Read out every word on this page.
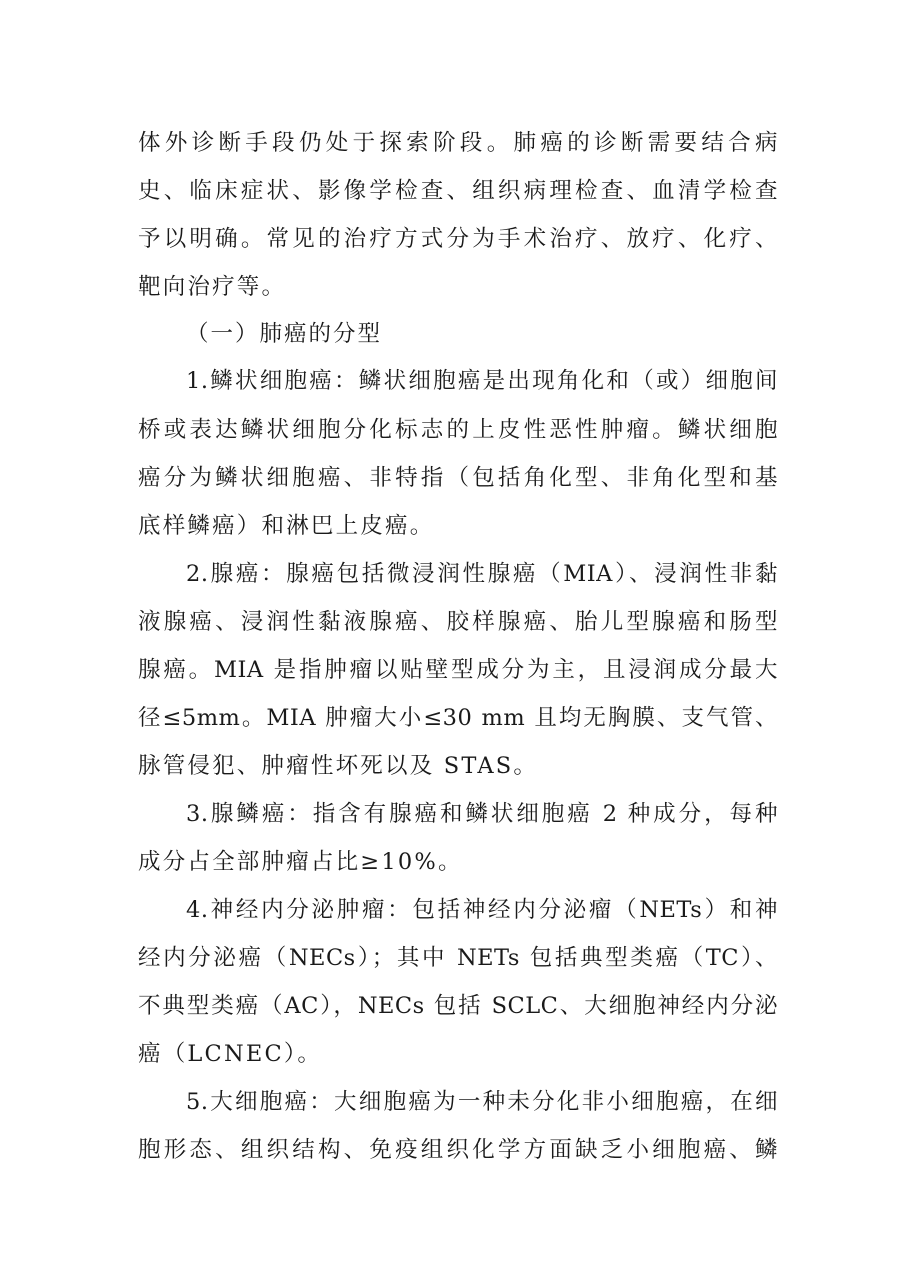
体外诊断手段仍处于探索阶段。肺癌的诊断需要结合病
史、临床症状、影像学检查、组织病理检查、血清学检查
予以明确。常见的治疗方式分为手术治疗、放疗、化疗、
靶向治疗等。
（一）肺癌的分型
1.鳞状细胞癌：鳞状细胞癌是出现角化和（或）细胞间
桥或表达鳞状细胞分化标志的上皮性恶性肿瘤。鳞状细胞
癌分为鳞状细胞癌、非特指（包括角化型、非角化型和基
底样鳞癌）和淋巴上皮癌。
2.腺癌：腺癌包括微浸润性腺癌（MIA）、浸润性非黏
液腺癌、浸润性黏液腺癌、胶样腺癌、胎儿型腺癌和肠型
腺癌。MIA 是指肿瘤以贴壁型成分为主，且浸润成分最大
径≤5mm。MIA 肿瘤大小≤30 mm 且均无胸膜、支气管、
脉管侵犯、肿瘤性坏死以及 STAS。
3.腺鳞癌：指含有腺癌和鳞状细胞癌 2 种成分，每种
成分占全部肿瘤占比≥10%。
4.神经内分泌肿瘤：包括神经内分泌瘤（NETs）和神
经内分泌癌（NECs）；其中 NETs 包括典型类癌（TC）、
不典型类癌（AC），NECs 包括 SCLC、大细胞神经内分泌
癌（LCNEC）。
5.大细胞癌：大细胞癌为一种未分化非小细胞癌，在细
胞形态、组织结构、免疫组织化学方面缺乏小细胞癌、鳞
